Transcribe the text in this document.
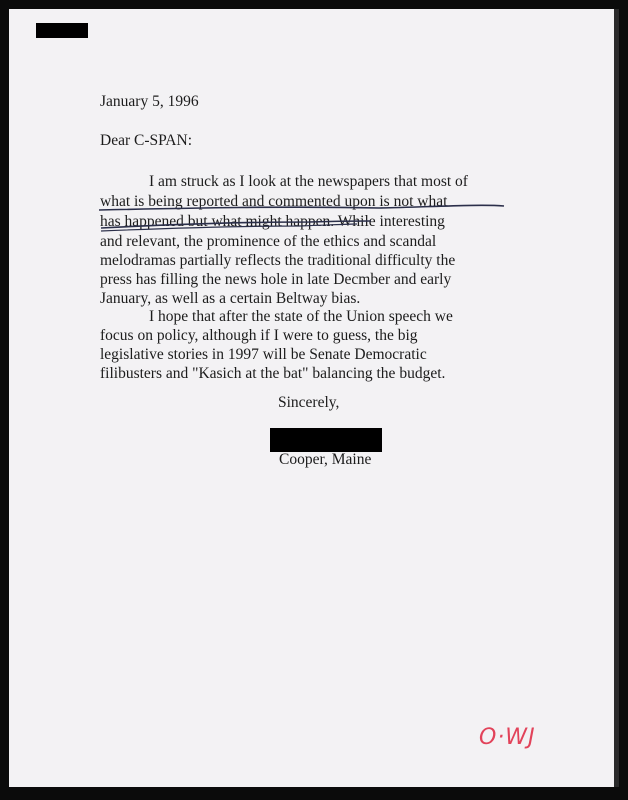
January 5, 1996
Dear C-SPAN:
I am struck as I look at the newspapers that most of
what is being reported and commented upon is not what
has happened but what might happen. While interesting
and relevant, the prominence of the ethics and scandal
melodramas partially reflects the traditional difficulty the
press has filling the news hole in late Decmber and early
January, as well as a certain Beltway bias.
I hope that after the state of the Union speech we
focus on policy, although if I were to guess, the big
legislative stories in 1997 will be Senate Democratic
filibusters and "Kasich at the bat" balancing the budget.
Sincerely,
Cooper, Maine
O·WJ
